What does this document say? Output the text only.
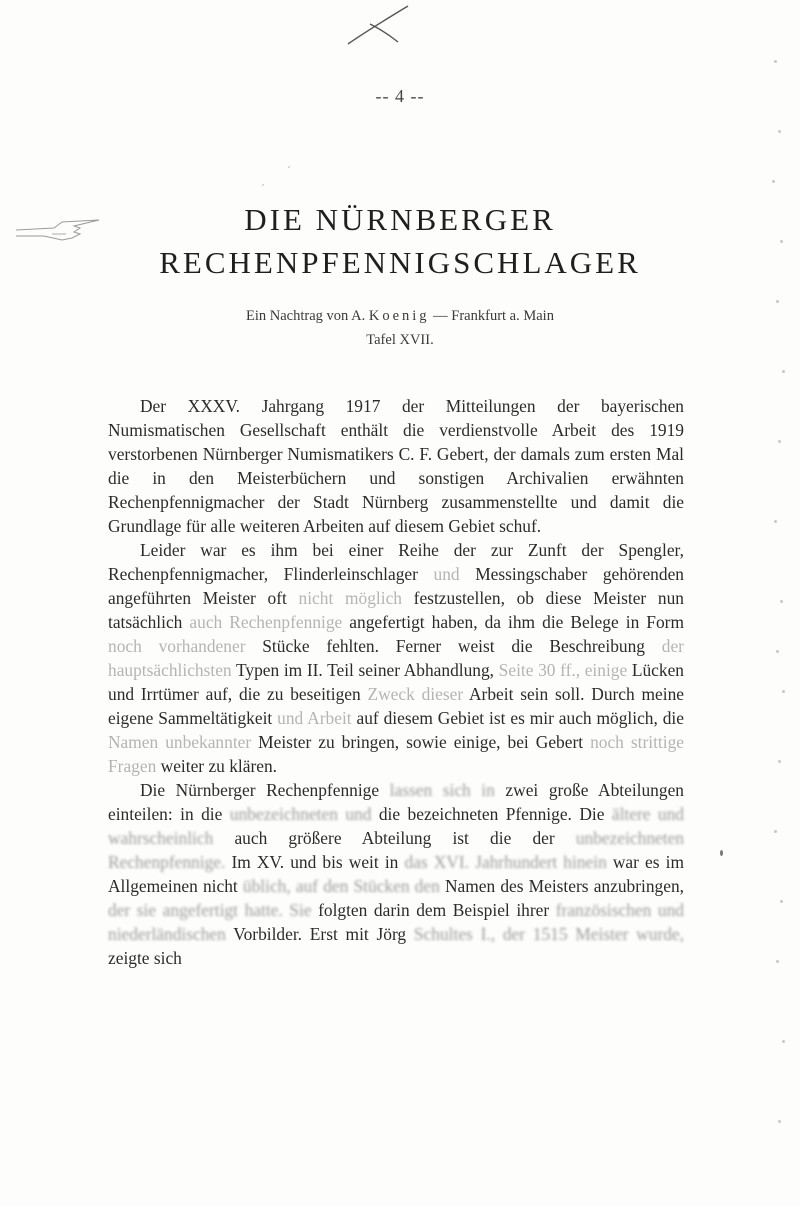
-- 4 --
DIE NÜRNBERGER
RECHENPFENNIGSCHLAGER
Ein Nachtrag von A. Koenig — Frankfurt a. Main
Tafel XVII.

Der XXXV. Jahrgang 1917 der Mitteilungen der bayerischen Numismatischen Gesellschaft enthält die verdienstvolle Arbeit des 1919 verstorbenen Nürnberger Numismatikers C. F. Gebert, der damals zum ersten Mal die in den Meisterbüchern und sonstigen Archivalien erwähnten Rechenpfennigmacher der Stadt Nürnberg zusammenstellte und damit die Grundlage für alle weiteren Arbeiten auf diesem Gebiet schuf.

Leider war es ihm bei einer Reihe der zur Zunft der Spengler, Rechenpfennigmacher, Flinderleinschlager und Messingschaber gehörenden angeführten Meister oft nicht möglich festzustellen, ob diese Meister nun tatsächlich auch Rechenpfennige angefertigt haben, da ihm die Belege in Form noch vorhandener Stücke fehlten. Ferner weist die Beschreibung der hauptsächlichsten Typen im II. Teil seiner Abhandlung, Seite 30 ff., einige Lücken und Irrtümer auf, die zu beseitigen Zweck dieser Arbeit sein soll. Durch meine eigene Sammeltätigkeit und Arbeit auf diesem Gebiet ist es mir auch möglich, die Namen unbekannter Meister zu bringen, sowie einige, bei Gebert noch strittige Fragen weiter zu klären.

Die Nürnberger Rechenpfennige lassen sich in zwei große Abteilungen einteilen: in die unbezeichneten und die bezeichneten Pfennige. Die ältere und wahrscheinlich auch größere Abteilung ist die der unbezeichneten Rechenpfennige. Im XV. und bis weit in das XVI. Jahrhundert hinein war es im Allgemeinen nicht üblich, auf den Stücken den Namen des Meisters anzubringen, der sie angefertigt hatte. Sie folgten darin dem Beispiel ihrer französischen und niederländischen Vorbilder. Erst mit Jörg Schultes I., der 1515 Meister wurde, zeigte sich
